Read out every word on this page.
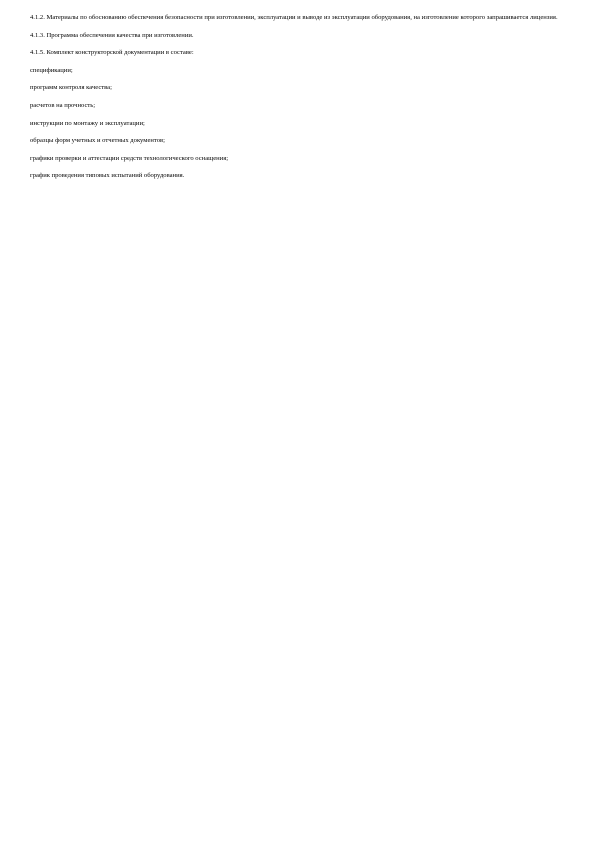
4.1.2. Материалы по обоснованию обеспечения безопасности при изготовлении, эксплуатации и выводе из эксплуатации оборудования, на изготовление которого запрашивается лицензия.

4.1.3. Программа обеспечения качества при изготовлении.

4.1.5. Комплект конструкторской документации в составе:

спецификации;

программ контроля качества;

расчетов на прочность;

инструкции по монтажу и эксплуатации;

образцы форм учетных и отчетных документов;

графики проверки и аттестации средств технологического оснащения;

график проведения типовых испытаний оборудования.
